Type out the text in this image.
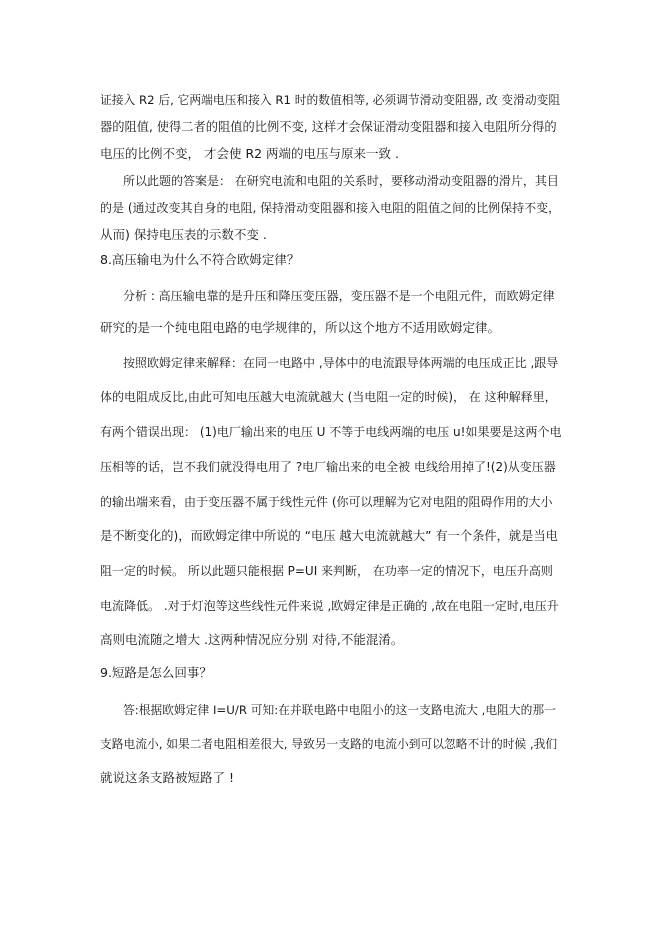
证接入 R2 后, 它两端电压和接入 R1 时的数值相等, 必须调节滑动变阻器, 改 变滑动变阻
器的阻值, 使得二者的阻值的比例不变, 这样才会保证滑动变阻器和接入电阻所分得的
电压的比例不变， 才会使 R2 两端的电压与原来一致 .
所以此题的答案是： 在研究电流和电阻的关系时，要移动滑动变阻器的滑片，其目
的是 (通过改变其自身的电阻, 保持滑动变阻器和接入电阻的阻值之间的比例保持不变，
从而) 保持电压表的示数不变 .
8.高压输电为什么不符合欧姆定律？
分析 : 高压输电靠的是升压和降压变压器，变压器不是一个电阻元件，而欧姆定律
研究的是一个纯电阻电路的电学规律的，所以这个地方不适用欧姆定律。
按照欧姆定律来解释：在同一电路中 ,导体中的电流跟导体两端的电压成正比 ,跟导
体的电阻成反比,由此可知电压越大电流就越大 (当电阻一定的时候)， 在 这种解释里，
有两个错误出现： (1)电厂输出来的电压 U 不等于电线两端的电压 u!如果要是这两个电
压相等的话，岂不我们就没得电用了 ?电厂输出来的电全被 电线给用掉了!(2)从变压器
的输出端来看，由于变压器不属于线性元件 (你可以理解为它对电阻的阻碍作用的大小
是不断变化的)，而欧姆定律中所说的 “电压 越大电流就越大” 有一个条件，就是当电
阻一定的时候。 所以此题只能根据 P=UI 来判断， 在功率一定的情况下，电压升高则
电流降低。 .对于灯泡等这些线性元件来说 ,欧姆定律是正确的 ,故在电阻一定时,电压升
高则电流随之增大 .这两种情况应分别 对待,不能混淆。
9.短路是怎么回事？
答:根据欧姆定律 I=U/R 可知:在并联电路中电阻小的这一支路电流大 ,电阻大的那一
支路电流小, 如果二者电阻相差很大, 导致另一支路的电流小到可以忽略不计的时候 ,我们
就说这条支路被短路了 !
